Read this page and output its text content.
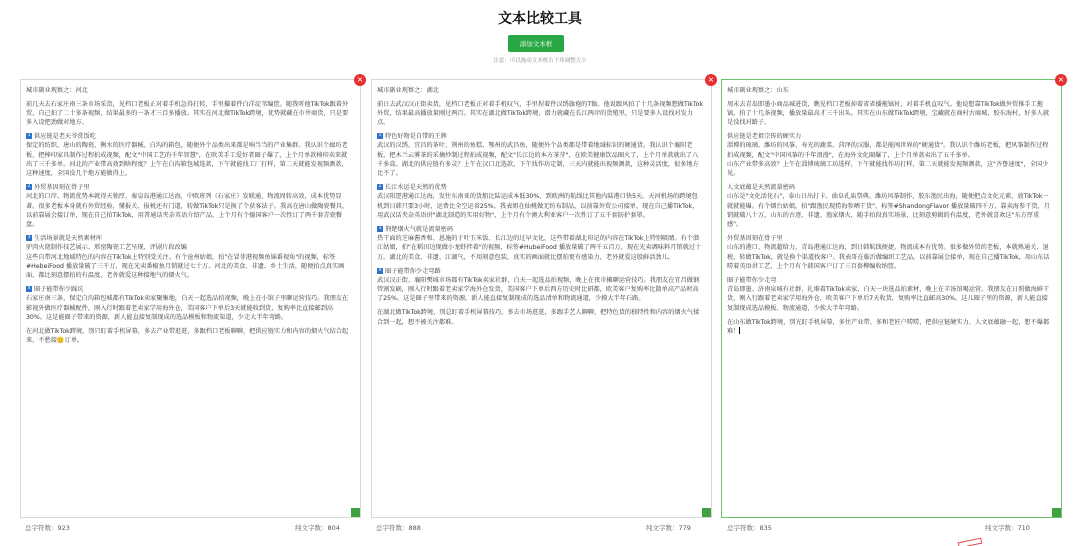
文本比较工具
添加文本框
注意：可以拖动文本框右下角调整大小
×

城市副业观察之：河北

前几天去石家庄南三条市场采货，见档口老板正对着手机急得打转，手里攥着件白洋淀苇编筐。随我听他TikTok跟着外贸，自己拍了二十多条视频，结果最多的一条才三百多播放。其实在河北做TikTok跨境，优势就藏在市井商货，只是要多入设把劲做对地方。

1 供应链是老天爷赏饭吃
保定的纺织、唐山的陶瓷、衡水的医疗器械、白沟的箱包，随便外个品类出来都是响当当的产业集群。我认识个廊坊老板，把棒印家具制作过程拍成视频，配文"中国工艺的千年智慧"，在欧美手工爱好者圈子爆了，上个月单款椅印卖来就出了三千多单。河北的产业带高效到啥程度？上午在白沟箱包城选款，下午就能找工厂打样，第二天就能发视频测款，这种速度，全国没几个地方能做得上。

2 外贸基因刻在骨子里
河北的口岸、物流优势本就得天独厚，秦皇岛港通江达海，中欧班列（石家庄）发联通，物流周转高效，成本优势显著。很多老板本身就有外贸经验，懂报关、报税还有门道，转做TikTok只是换了个获客法子。我高在唐山做陶瓷餐具，以前靠展会接订单，现在自己拍TikTok，用普通话夹杂英语介绍产品，上个月有个德国客户一次性订了两千套青瓷餐盘。

3 生活场景就是天然素材库
驴肉火烧制作技艺展示、邢窑陶瓷工艺呈现、评剧片段改编
这些自带河北地域特色的内容在TikTok上特别受关注。有个沧州姑娘，拍"在冒菲港视频鱼锦番视角"的视频，标签#HebeiFood 播放量破了三千万，现在光卖番椒鱼月销就过七十万。河北的美食、非遗、乡土生活，随便拍点真实画面，都比刻意摆拍的有温度，老外就爱这种接地气的烟火气。

4 圈子能带你少踩坑
石家庄南三条、保定白沟箱包城都有TikTok卖家聚集地，白天一起选品拍视频，晚上在小馆子里聊运营技巧。我朋友在影视外做医疗器械配件，刚入行时跟着老卖家学用海外仓，美国客户下单后3天就能收到货，复购率比直接邮到高30%。这是能圈子带来的资源，新人能直接复制现成的选品模板和物流渠道，少走大半年弯路。

在河北做TikTok跨境，别只盯着手机屏幕，多去产业带逛逛，多跟档口老板聊聊，把供应链实力和内容的烟火气结合起来，不愁接🙂订单。

总字符数：923	纯文字数：804
×

城市副业观察之：湖北

前日去武汉汉正街卖货，见档口老板正对着手机叹气，手里捏着件汉绣旗袍的T恤。他说跟风拍了十几条视频想做TikTok外贸，结果最高播放量刚过两百。其实在湖北做TikTok跨境，潜力就藏在长江两岸的货殖里，只是要多人设找对发力点。

1 特色好物是自带的王牌
武汉的汉绣、宜昌的茶叶、荆州的鱼糕、鄂州的武昌鱼，随便外个品类都是带着地域标识的硬通货。我认识个襄阳老板，把木兰云雾茶的采摘炒制过程拍成视频，配文"长江边的本方茶芽"，在欧美健康饮品圈火了，上个月单款就出了八千多盒。湖北的供应链有多灵？上午在汉口北选款，下午找作坊定制，三天内就能出视频测款，这种灵活度，很多地方比不了。

2 长江水运是天然的优势
武汉阳逻港通江达海，发往东南亚的货船比陆运成本低30%，到欧洲的航线比其他内陆港口快5天。天河机场的跨境包机到日韩只要3小时，运费比全空运省25%。我表姐在仙桃做无纺布制品，以前靠外贸公司接单，现在自己播TikTok，用武汉话夹杂英语讲"湖北制造的实用好物"，上个月有个澳大利亚客户一次性订了五千套防护套罩。

3 荆楚烟火气就是流量密码
热干面的芝麻酱香和、恩施的于叶玉米饭、长江边的过早文化，这些带着湖北印记的内容在TikTok上特别吸睛。有个潜江姑娘，拍"在稻田边现做小龙虾拌着"的视频，标签#HubeiFood 播放量破了两千五百万，现在光卖调味料月销就过十万。湖北的美食、非遗、江湖气，不用刻意包装，真实的画面就比摆拍更有感染力，老外就爱这股鲜活劲儿。

4 圈子能带你少走弯路
武汉汉正街、襄阳樊城市场都有TikTok卖家社群，白天一起选品拍视频，晚上在夜市摊聊运营技巧。我朋友在宜昌做钢管割发刷，刚入行时跟着老卖家学海外仓发货，美国客户下单后西方历史时比研都，欧美客户复购率比散单高产品时高了25%。这是圈子里带来的资源，新人能直接复制现成的选品清单和物流通道，少摸大半年石路。

在湖北做TikTok跨境，别总盯着手机屏幕技巧，多去市场逛逛，多跟手艺人聊聊，把特色货的独特性和内容的烟火气揉合到一起，想不被关注都难。

总字符数：888	纯文字数：779
×

城市副业观察之：山东

周末去青岛即墨小商品城进货，瞧见档口老板掉着省省播拖镐衬，对着手机直叹气。他说想靠TikTok做外贸推手工拖镐，拍了十几条视频，播放量最高才三千出头。其实在山东做TikTok跨境，宝藏就在商村古商城、胶东海村，好多人就是没找对路子。

供应链是老祖宗传的硬实力
淄博的琉璃、潍坊的风筝、寿光的蔬菜、菏泽的汉服，都是能闯世界的"硬通货"。我认识个潍坊老板，把风筝制作过程拍成视频，配文"中国风筝的千年浪漫"，在海外文化圈爆了，上个月单款卖出了五千多单。
山东产业带多高效？上午在淄博琉璃工坊选样，下午就能找作坊打样，第二天就能发视频测款，这"齐鲁速度"，全国少见。

人文底蕴是天然流量密码
山东是"文化活化石"，泰山日出打卡、曲阜孔庙祭典、潍坊风筝制作、胶东渔民出海，随便把点文化元素，放TikTok一就就能爆。有个烟台姑娘，拍"跟渔民现捞海参晒干货"，标签#ShandongFlavor 播放量破四千万，靠卖海参干货，月销就破八十万，山东的古迹、非遗、渔家烟火，随手拍段真实场景，比刻意剪辑的有温度，老外就喜欢这"东方厚重感"。

外贸基因刻在骨子里
山东的港口、物流超给力，青岛港通江达海，到日韩航线便捷，物流成本有优势。很多做外贸的老板，本就熟通关、退税，转做TikTok，就是换个渠道找客户。我表哥在临沂做编织工艺品，以前靠展会接单，现在自己播TikTok，用山东话唠着英语讲工艺，上个月有个韩国客户订了三百套柳编收纳筐。

圈子能带你少走弯
青岛即墨、济南泉城有社群，扎堆着TikTok卖家，白天一块选品拍素材，晚上在羊汤馆喝运营。我朋友在日照做海鲜干货，刚入行跟着老卖家学用海外仓，欧美客户下单后7天收货，复购率比直邮高30%。这儿圈子里的资源，新人能直接复制现成选品模板、物流通道，少挨大半年弯路。

在山东做TikTok跨境，别光盯手机屏幕，多往产业带、多和老匠户唠唠，把供应链硬实力、人文底蕴融一起，想不爆都难！

总字符数：835	纯文字数：710
